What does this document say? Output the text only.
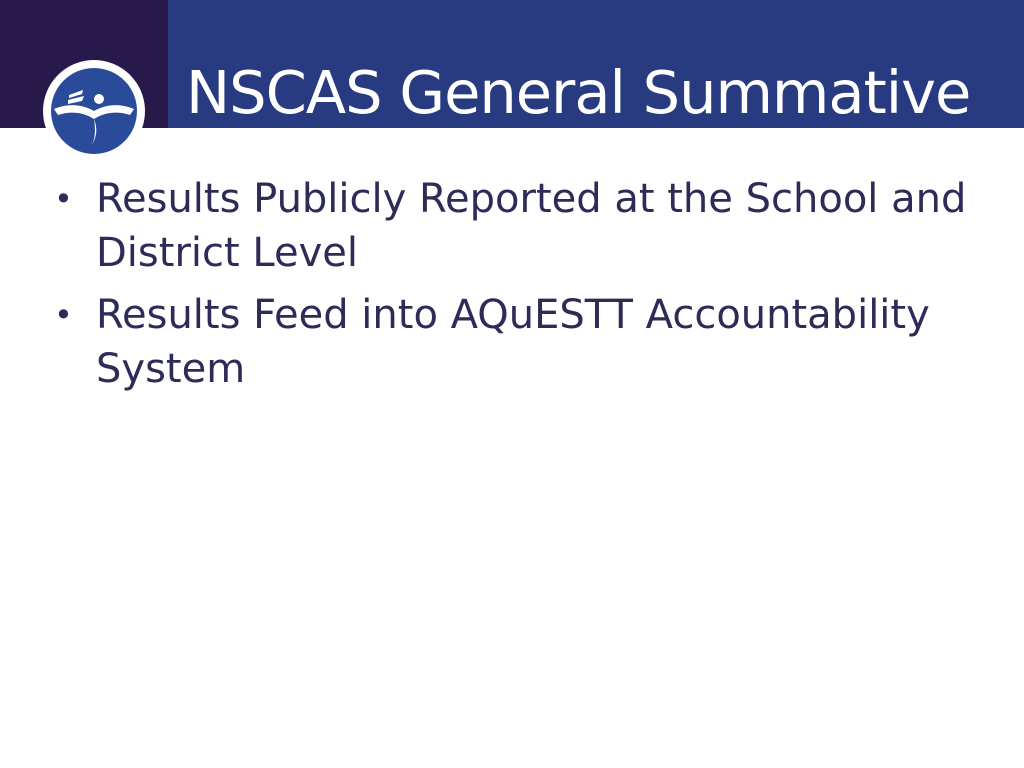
NSCAS General Summative
• Results Publicly Reported at the School and District Level
• Results Feed into AQuESTT Accountability System
